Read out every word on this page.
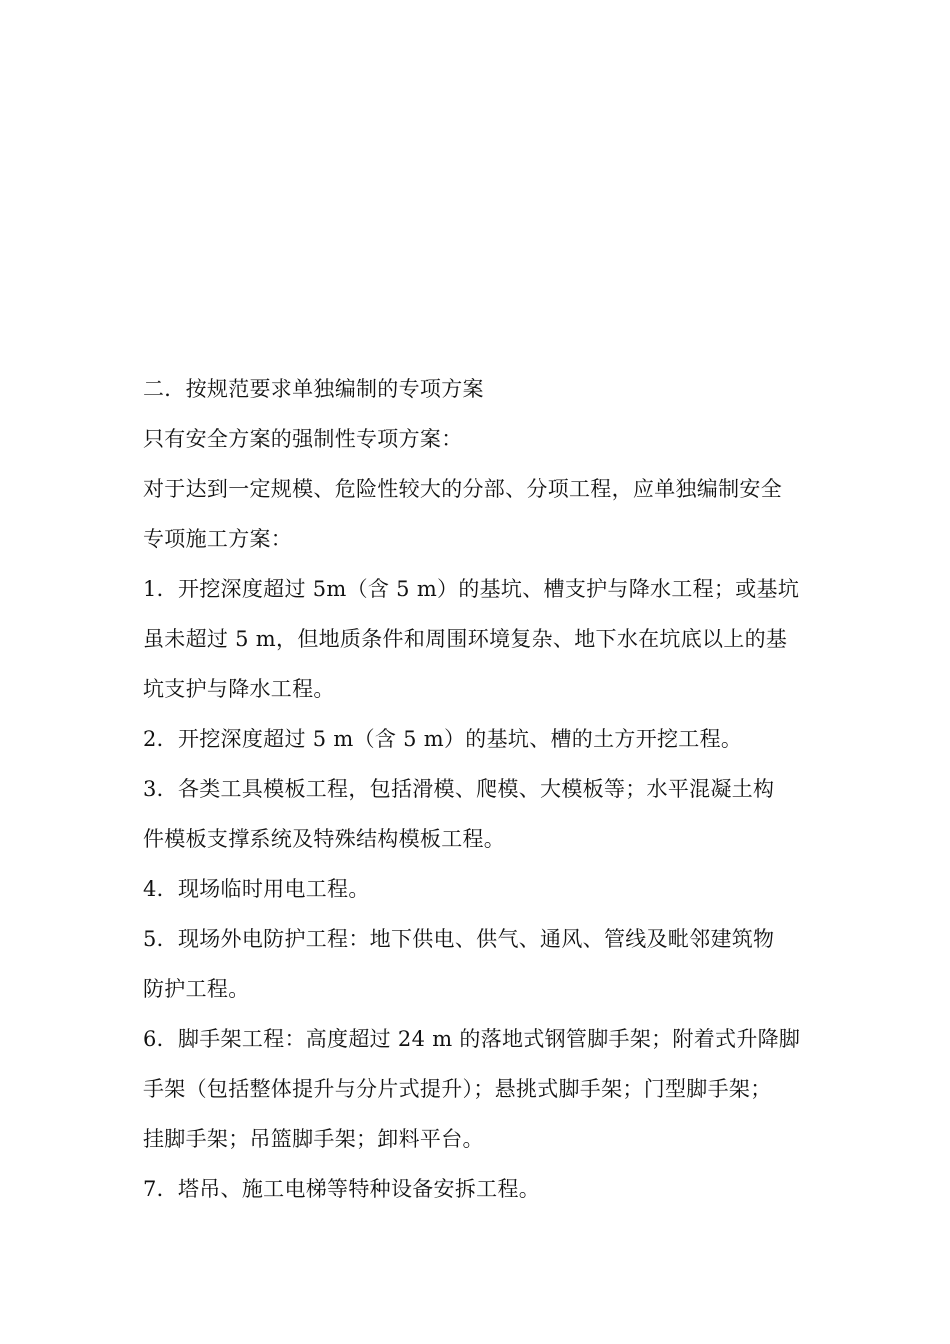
二．按规范要求单独编制的专项方案
只有安全方案的强制性专项方案：
对于达到一定规模、危险性较大的分部、分项工程，应单独编制安全
专项施工方案：
1．开挖深度超过 5m（含 5 m）的基坑、槽支护与降水工程；或基坑
虽未超过 5 m，但地质条件和周围环境复杂、地下水在坑底以上的基
坑支护与降水工程。
2．开挖深度超过 5 m（含 5 m）的基坑、槽的土方开挖工程。
3．各类工具模板工程，包括滑模、爬模、大模板等；水平混凝土构
件模板支撑系统及特殊结构模板工程。
4．现场临时用电工程。
5．现场外电防护工程：地下供电、供气、通风、管线及毗邻建筑物
防护工程。
6．脚手架工程：高度超过 24 m 的落地式钢管脚手架；附着式升降脚
手架（包括整体提升与分片式提升）；悬挑式脚手架；门型脚手架；
挂脚手架；吊篮脚手架；卸料平台。
7．塔吊、施工电梯等特种设备安拆工程。
